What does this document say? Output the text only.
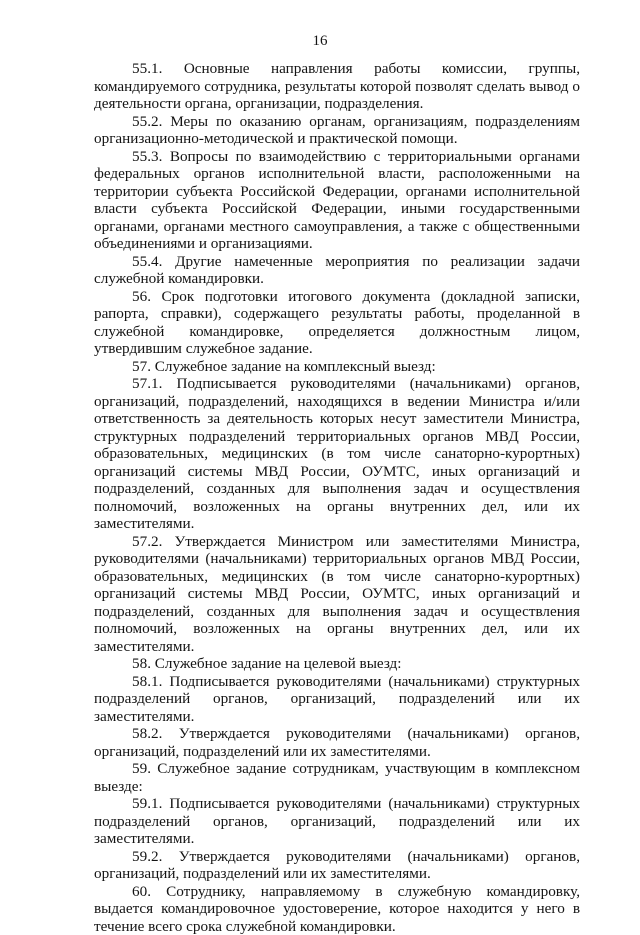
16

55.1. Основные направления работы комиссии, группы, командируемого сотрудника, результаты которой позволят сделать вывод о деятельности органа, организации, подразделения.

55.2. Меры по оказанию органам, организациям, подразделениям организационно-методической и практической помощи.

55.3. Вопросы по взаимодействию с территориальными органами федеральных органов исполнительной власти, расположенными на территории субъекта Российской Федерации, органами исполнительной власти субъекта Российской Федерации, иными государственными органами, органами местного самоуправления, а также с общественными объединениями и организациями.

55.4. Другие намеченные мероприятия по реализации задачи служебной командировки.

56. Срок подготовки итогового документа (докладной записки, рапорта, справки), содержащего результаты работы, проделанной в служебной командировке, определяется должностным лицом, утвердившим служебное задание.

57. Служебное задание на комплексный выезд:

57.1. Подписывается руководителями (начальниками) органов, организаций, подразделений, находящихся в ведении Министра и/или ответственность за деятельность которых несут заместители Министра, структурных подразделений территориальных органов МВД России, образовательных, медицинских (в том числе санаторно-курортных) организаций системы МВД России, ОУМТС, иных организаций и подразделений, созданных для выполнения задач и осуществления полномочий, возложенных на органы внутренних дел, или их заместителями.

57.2. Утверждается Министром или заместителями Министра, руководителями (начальниками) территориальных органов МВД России, образовательных, медицинских (в том числе санаторно-курортных) организаций системы МВД России, ОУМТС, иных организаций и подразделений, созданных для выполнения задач и осуществления полномочий, возложенных на органы внутренних дел, или их заместителями.

58. Служебное задание на целевой выезд:

58.1. Подписывается руководителями (начальниками) структурных подразделений органов, организаций, подразделений или их заместителями.

58.2. Утверждается руководителями (начальниками) органов, организаций, подразделений или их заместителями.

59. Служебное задание сотрудникам, участвующим в комплексном выезде:

59.1. Подписывается руководителями (начальниками) структурных подразделений органов, организаций, подразделений или их заместителями.

59.2. Утверждается руководителями (начальниками) органов, организаций, подразделений или их заместителями.

60. Сотруднику, направляемому в служебную командировку, выдается командировочное удостоверение, которое находится у него в течение всего срока служебной командировки.
